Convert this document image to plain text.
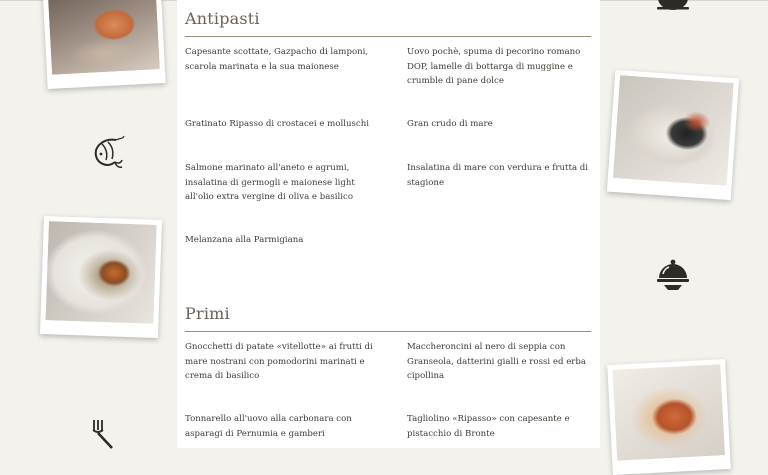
Antipasti
Capesante scottate, Gazpacho di lamponi, scarola marinata e la sua maionese
Uovo pochè, spuma di pecorino romano DOP, lamelle di bottarga di muggine e crumble di pane dolce
Gratinato Ripasso di crostacei e molluschi	Gran crudo di mare
Salmone marinato all'aneto e agrumi, insalatina di germogli e maionese light all'olio extra vergine di oliva e basilico
Insalatina di mare con verdura e frutta di stagione
Melanzana alla Parmigiana
Primi
Gnocchetti di patate «vitellotte» ai frutti di mare nostrani con pomodorini marinati e crema di basilico
Maccheroncini al nero di seppia con Granseola, datterini gialli e rossi ed erba cipollina
Tonnarello all'uovo alla carbonara con asparagi di Pernumia e gamberi
Tagliolino «Ripasso» con capesante e pistacchio di Bronte
